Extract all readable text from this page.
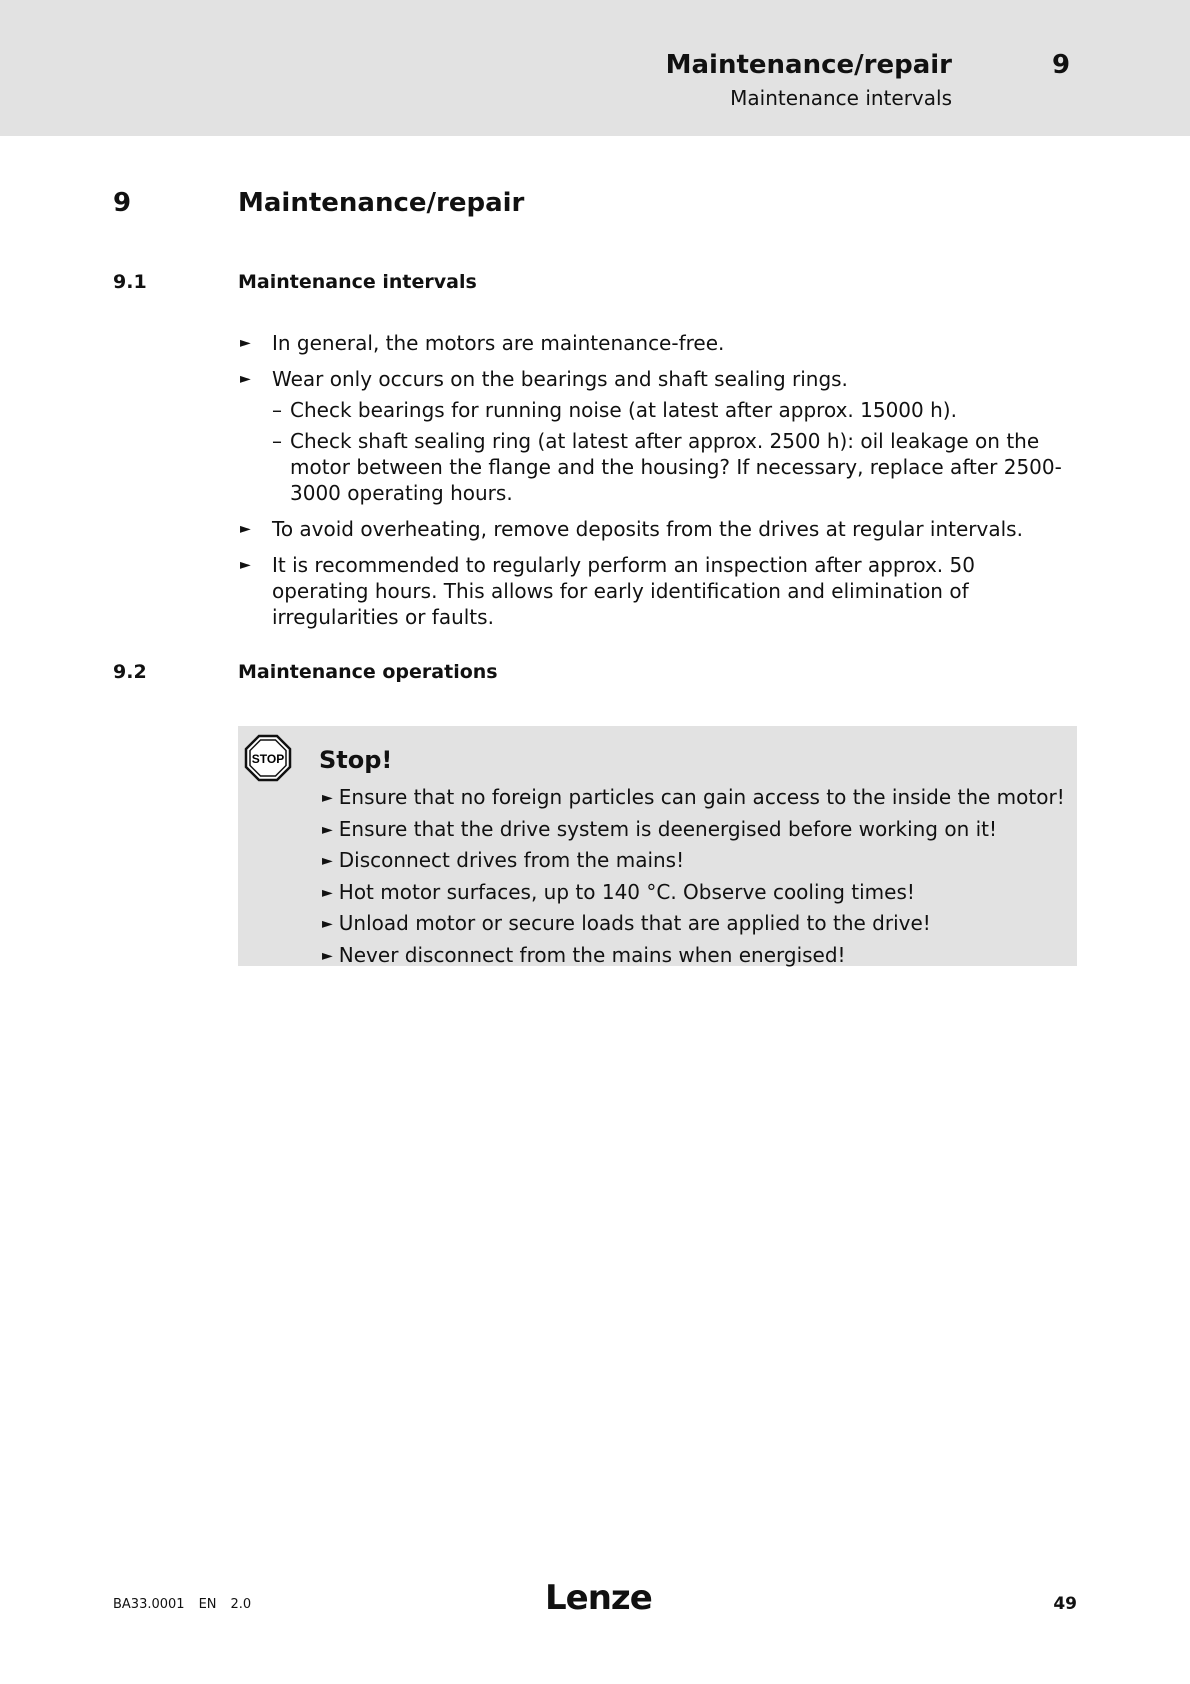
Maintenance/repair
Maintenance intervals
9
9	Maintenance/repair
9.1	Maintenance intervals
► In general, the motors are maintenance-free.
► Wear only occurs on the bearings and shaft sealing rings.
– Check bearings for running noise (at latest after approx. 15000 h).
– Check shaft sealing ring (at latest after approx. 2500 h): oil leakage on the motor between the flange and the housing? If necessary, replace after 2500-3000 operating hours.
► To avoid overheating, remove deposits from the drives at regular intervals.
► It is recommended to regularly perform an inspection after approx. 50 operating hours. This allows for early identification and elimination of irregularities or faults.
9.2	Maintenance operations
STOP Stop!
► Ensure that no foreign particles can gain access to the inside the motor!
► Ensure that the drive system is deenergised before working on it!
► Disconnect drives from the mains!
► Hot motor surfaces, up to 140 °C. Observe cooling times!
► Unload motor or secure loads that are applied to the drive!
► Never disconnect from the mains when energised!
BA33.0001 EN 2.0	Lenze	49
